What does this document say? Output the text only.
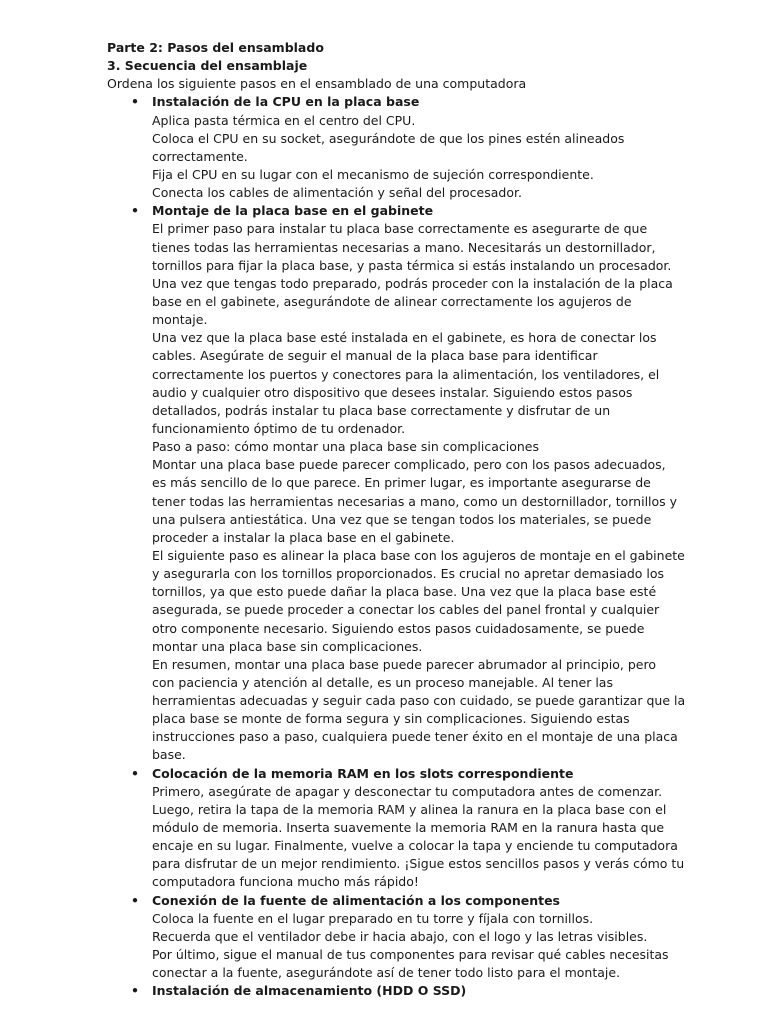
Parte 2: Pasos del ensamblado
3. Secuencia del ensamblaje
Ordena los siguiente pasos en el ensamblado de una computadora
• Instalación de la CPU en la placa base
Aplica pasta térmica en el centro del CPU.
Coloca el CPU en su socket, asegurándote de que los pines estén alineados
correctamente.
Fija el CPU en su lugar con el mecanismo de sujeción correspondiente.
Conecta los cables de alimentación y señal del procesador.
• Montaje de la placa base en el gabinete
El primer paso para instalar tu placa base correctamente es asegurarte de que
tienes todas las herramientas necesarias a mano. Necesitarás un destornillador,
tornillos para fijar la placa base, y pasta térmica si estás instalando un procesador.
Una vez que tengas todo preparado, podrás proceder con la instalación de la placa
base en el gabinete, asegurándote de alinear correctamente los agujeros de
montaje.
Una vez que la placa base esté instalada en el gabinete, es hora de conectar los
cables. Asegúrate de seguir el manual de la placa base para identificar
correctamente los puertos y conectores para la alimentación, los ventiladores, el
audio y cualquier otro dispositivo que desees instalar. Siguiendo estos pasos
detallados, podrás instalar tu placa base correctamente y disfrutar de un
funcionamiento óptimo de tu ordenador.
Paso a paso: cómo montar una placa base sin complicaciones
Montar una placa base puede parecer complicado, pero con los pasos adecuados,
es más sencillo de lo que parece. En primer lugar, es importante asegurarse de
tener todas las herramientas necesarias a mano, como un destornillador, tornillos y
una pulsera antiestática. Una vez que se tengan todos los materiales, se puede
proceder a instalar la placa base en el gabinete.
El siguiente paso es alinear la placa base con los agujeros de montaje en el gabinete
y asegurarla con los tornillos proporcionados. Es crucial no apretar demasiado los
tornillos, ya que esto puede dañar la placa base. Una vez que la placa base esté
asegurada, se puede proceder a conectar los cables del panel frontal y cualquier
otro componente necesario. Siguiendo estos pasos cuidadosamente, se puede
montar una placa base sin complicaciones.
En resumen, montar una placa base puede parecer abrumador al principio, pero
con paciencia y atención al detalle, es un proceso manejable. Al tener las
herramientas adecuadas y seguir cada paso con cuidado, se puede garantizar que la
placa base se monte de forma segura y sin complicaciones. Siguiendo estas
instrucciones paso a paso, cualquiera puede tener éxito en el montaje de una placa
base.
• Colocación de la memoria RAM en los slots correspondiente
Primero, asegúrate de apagar y desconectar tu computadora antes de comenzar.
Luego, retira la tapa de la memoria RAM y alinea la ranura en la placa base con el
módulo de memoria. Inserta suavemente la memoria RAM en la ranura hasta que
encaje en su lugar. Finalmente, vuelve a colocar la tapa y enciende tu computadora
para disfrutar de un mejor rendimiento. ¡Sigue estos sencillos pasos y verás cómo tu
computadora funciona mucho más rápido!
• Conexión de la fuente de alimentación a los componentes
Coloca la fuente en el lugar preparado en tu torre y fíjala con tornillos.
Recuerda que el ventilador debe ir hacia abajo, con el logo y las letras visibles.
Por último, sigue el manual de tus componentes para revisar qué cables necesitas
conectar a la fuente, asegurándote así de tener todo listo para el montaje.
• Instalación de almacenamiento (HDD O SSD)
